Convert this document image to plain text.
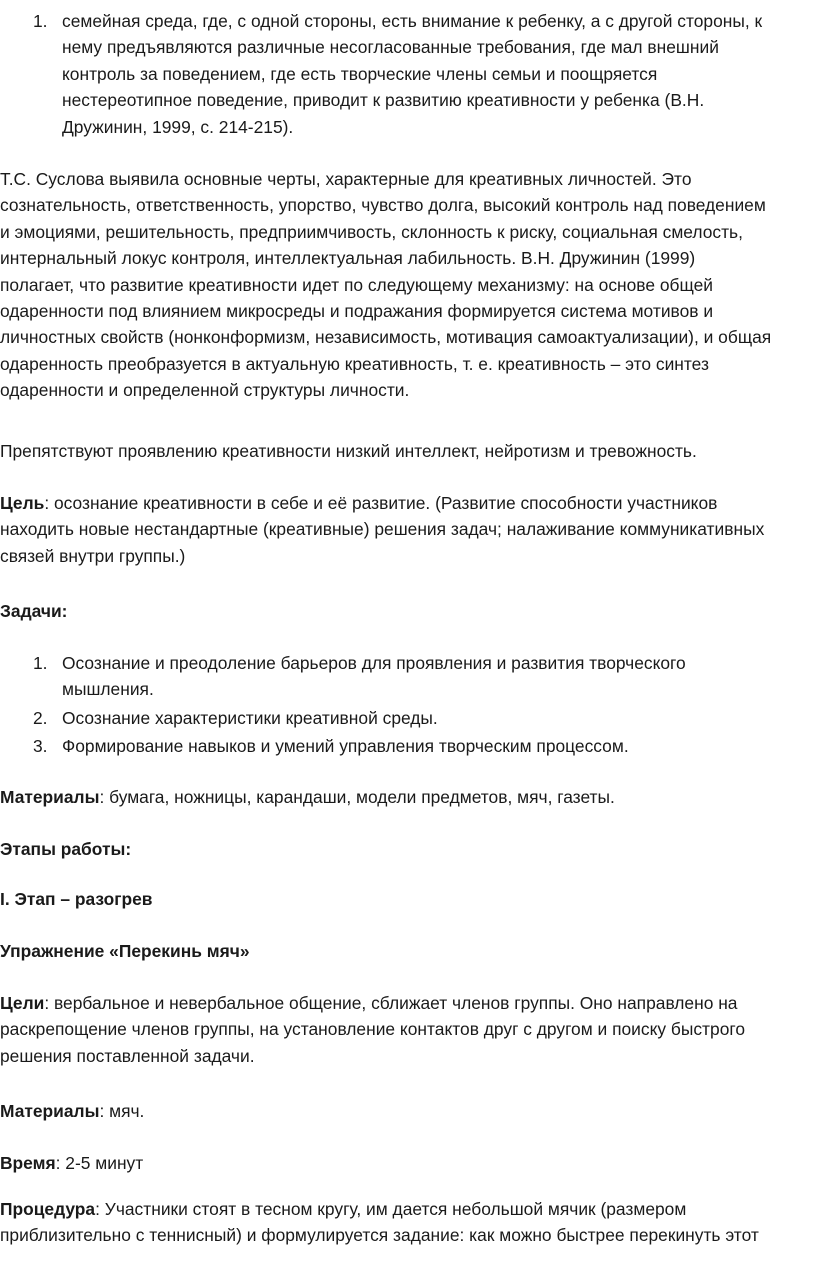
1. семейная среда, где, с одной стороны, есть внимание к ребенку, а с другой стороны, к
нему предъявляются различные несогласованные требования, где мал внешний
контроль за поведением, где есть творческие члены семьи и поощряется
нестереотипное поведение, приводит к развитию креативности у ребенка (В.Н.
Дружинин, 1999, с. 214-215).
Т.С. Суслова выявила основные черты, характерные для креативных личностей. Это
сознательность, ответственность, упорство, чувство долга, высокий контроль над поведением
и эмоциями, решительность, предприимчивость, склонность к риску, социальная смелость,
интернальный локус контроля, интеллектуальная лабильность. В.Н. Дружинин (1999)
полагает, что развитие креативности идет по следующему механизму: на основе общей
одаренности под влиянием микросреды и подражания формируется система мотивов и
личностных свойств (нонконформизм, независимость, мотивация самоактуализации), и общая
одаренность преобразуется в актуальную креативность, т. е. креативность – это синтез
одаренности и определенной структуры личности.
Препятствуют проявлению креативности низкий интеллект, нейротизм и тревожность.
Цель: осознание креативности в себе и её развитие. (Развитие способности участников
находить новые нестандартные (креативные) решения задач; налаживание коммуникативных
связей внутри группы.)
Задачи:
1. Осознание и преодоление барьеров для проявления и развития творческого
мышления.
2. Осознание характеристики креативной среды.
3. Формирование навыков и умений управления творческим процессом.
Материалы: бумага, ножницы, карандаши, модели предметов, мяч, газеты.
Этапы работы:
I. Этап – разогрев
Упражнение «Перекинь мяч»
Цели: вербальное и невербальное общение, сближает членов группы. Оно направлено на
раскрепощение членов группы, на установление контактов друг с другом и поиску быстрого
решения поставленной задачи.
Материалы: мяч.
Время: 2-5 минут
Процедура: Участники стоят в тесном кругу, им дается небольшой мячик (размером
приблизительно с теннисный) и формулируется задание: как можно быстрее перекинуть этот
